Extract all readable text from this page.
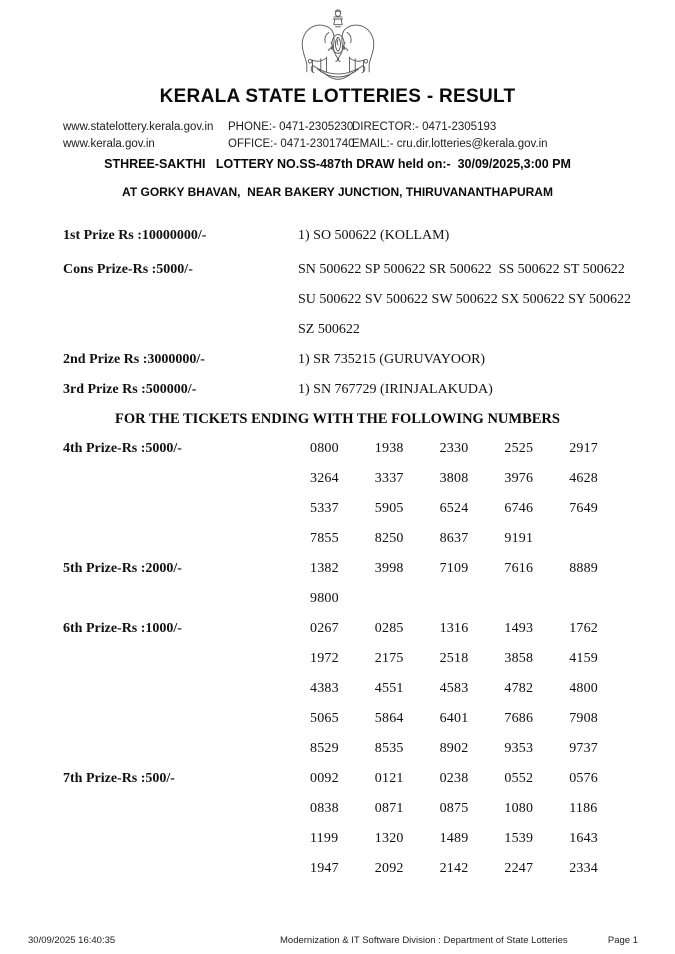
KERALA STATE LOTTERIES - RESULT
www.statelottery.kerala.gov.in	PHONE:- 0471-2305230
DIRECTOR:- 0471-2305193
www.kerala.gov.in	OFFICE:- 0471-2301740
EMAIL:- cru.dir.lotteries@kerala.gov.in
STHREE-SAKTHI   LOTTERY NO.SS-487th DRAW held on:-  30/09/2025,3:00 PM
AT GORKY BHAVAN,  NEAR BAKERY JUNCTION, THIRUVANANTHAPURAM
1st Prize Rs :10000000/-	1) SO 500622 (KOLLAM)
Cons Prize-Rs :5000/-	SN 500622 SP 500622 SR 500622  SS 500622 ST 500622
SU 500622 SV 500622 SW 500622 SX 500622 SY 500622
SZ 500622
2nd Prize Rs :3000000/-	1) SR 735215 (GURUVAYOOR)
3rd Prize Rs :500000/-	1) SN 767729 (IRINJALAKUDA)
FOR THE TICKETS ENDING WITH THE FOLLOWING NUMBERS
4th Prize-Rs :5000/-	0800	1938	2330	2525	2917
3264	3337	3808	3976	4628
5337	5905	6524	6746	7649
7855	8250	8637	9191
5th Prize-Rs :2000/-	1382	3998	7109	7616	8889
9800
6th Prize-Rs :1000/-	0267	0285	1316	1493	1762
1972	2175	2518	3858	4159
4383	4551	4583	4782	4800
5065	5864	6401	7686	7908
8529	8535	8902	9353	9737
7th Prize-Rs :500/-	0092	0121	0238	0552	0576
0838	0871	0875	1080	1186
1199	1320	1489	1539	1643
1947	2092	2142	2247	2334
30/09/2025 16:40:35	Modernization & IT Software Division : Department of State Lotteries	Page 1
